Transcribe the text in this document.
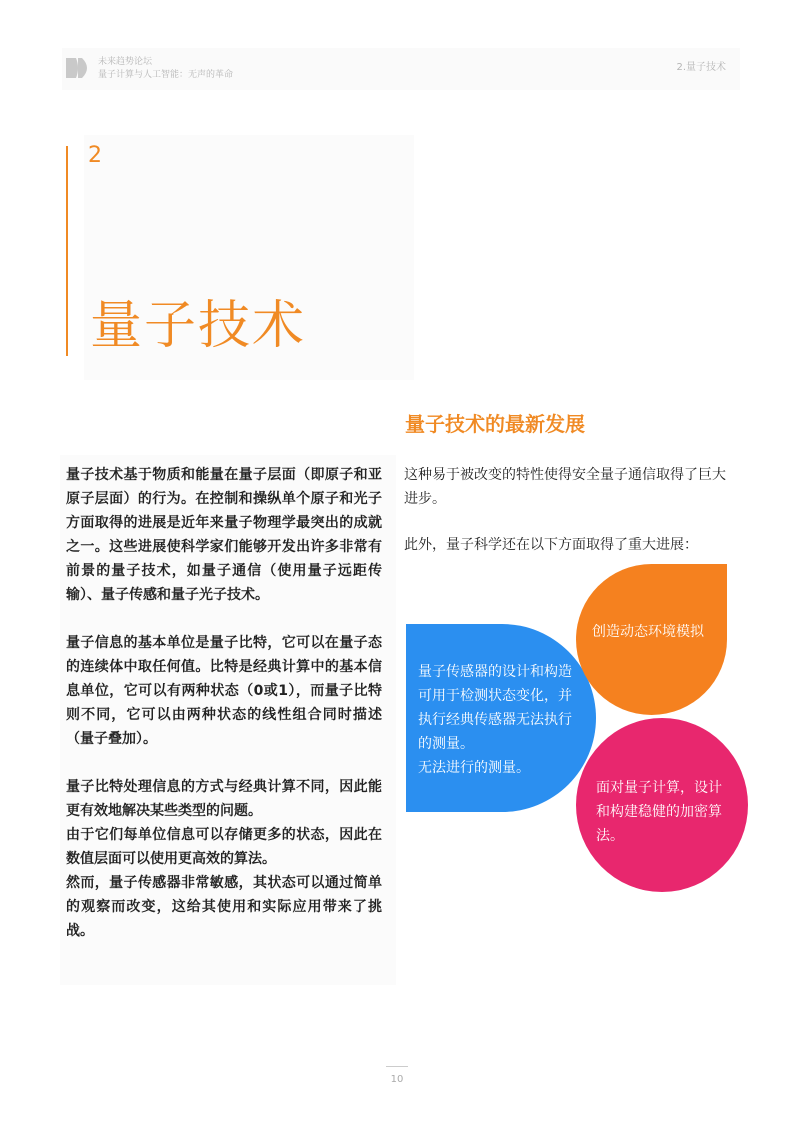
未来趋势论坛
量子计算与人工智能：无声的革命
2.量子技术
2
量子技术

量子技术基于物质和能量在量子层面（即原子和亚原子层面）的行为。在控制和操纵单个原子和光子方面取得的进展是近年来量子物理学最突出的成就之一。这些进展使科学家们能够开发出许多非常有前景的量子技术，如量子通信（使用量子远距传输）、量子传感和量子光子技术。

量子信息的基本单位是量子比特，它可以在量子态的连续体中取任何值。比特是经典计算中的基本信息单位，它可以有两种状态（0或1），而量子比特则不同，它可以由两种状态的线性组合同时描述（量子叠加）。

量子比特处理信息的方式与经典计算不同，因此能更有效地解决某些类型的问题。

由于它们每单位信息可以存储更多的状态，因此在数值层面可以使用更高效的算法。

然而，量子传感器非常敏感，其状态可以通过简单的观察而改变，这给其使用和实际应用带来了挑战。

量子技术的最新发展

这种易于被改变的特性使得安全量子通信取得了巨大进步。

此外，量子科学还在以下方面取得了重大进展：

量子传感器的设计和构造可用于检测状态变化，并执行经典传感器无法执行的测量。
无法进行的测量。
创造动态环境模拟
面对量子计算，设计和构建稳健的加密算法。
10
